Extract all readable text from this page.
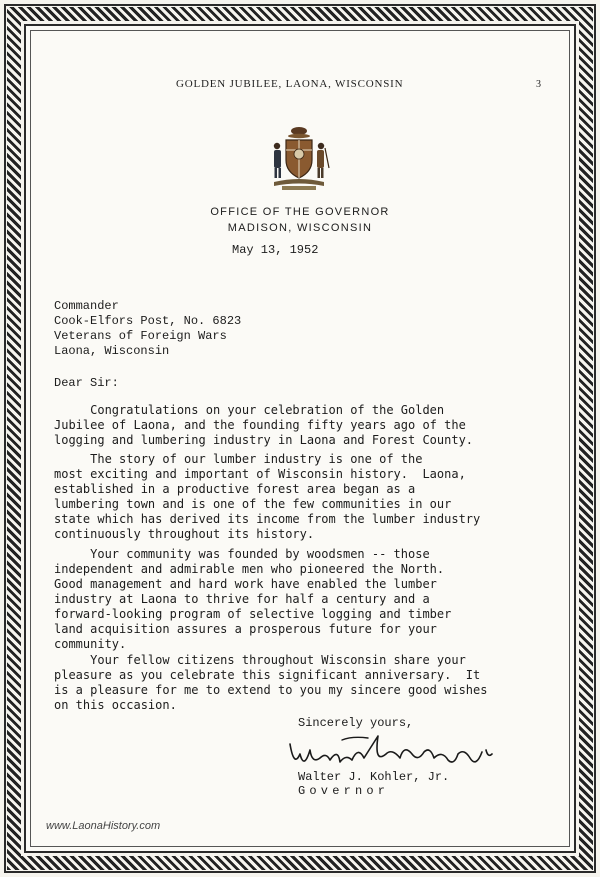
GOLDEN JUBILEE, LAONA, WISCONSIN	3
OFFICE OF THE GOVERNOR
MADISON, WISCONSIN
May 13, 1952
Commander
Cook-Elfors Post, No. 6823
Veterans of Foreign Wars
Laona, Wisconsin
Dear Sir:
Congratulations on your celebration of the Golden
Jubilee of Laona, and the founding fifty years ago of the
logging and lumbering industry in Laona and Forest County.
The story of our lumber industry is one of the
most exciting and important of Wisconsin history.  Laona,
established in a productive forest area began as a
lumbering town and is one of the few communities in our
state which has derived its income from the lumber industry
continuously throughout its history.
Your community was founded by woodsmen -- those
independent and admirable men who pioneered the North.
Good management and hard work have enabled the lumber
industry at Laona to thrive for half a century and a
forward-looking program of selective logging and timber
land acquisition assures a prosperous future for your
community.
Your fellow citizens throughout Wisconsin share your
pleasure as you celebrate this significant anniversary.  It
is a pleasure for me to extend to you my sincere good wishes
on this occasion.
Sincerely yours,
Walter J. Kohler, Jr.
Governor
www.LaonaHistory.com
